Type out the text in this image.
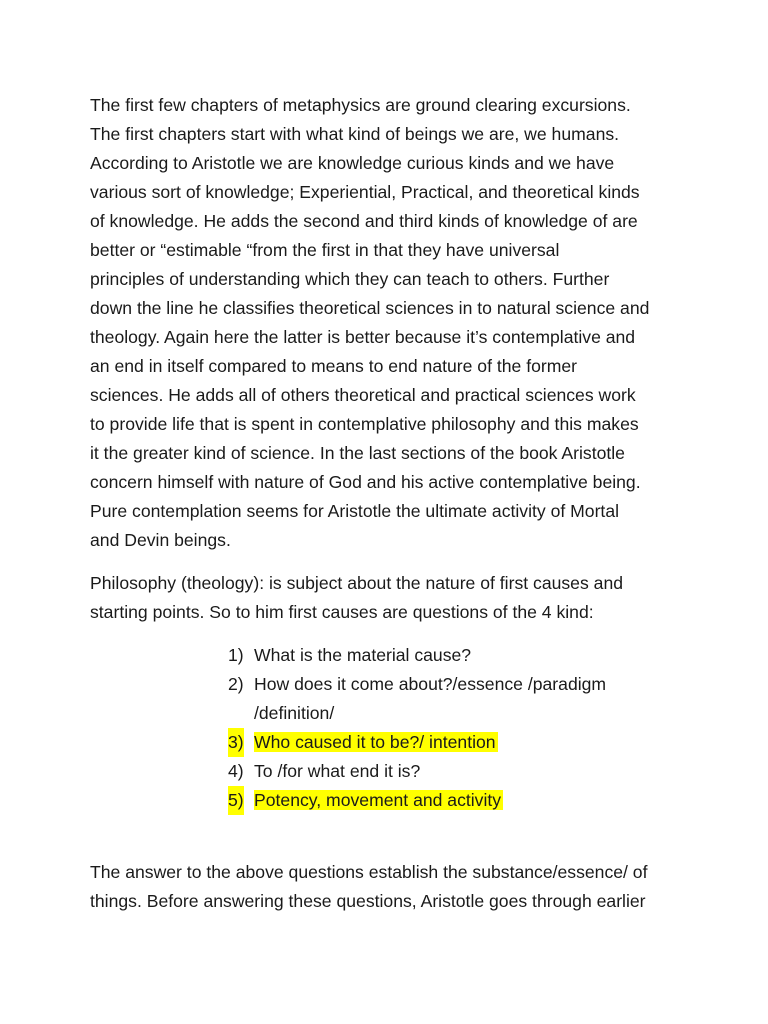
The first few chapters of metaphysics are ground clearing excursions.
The first chapters start with what kind of beings we are, we humans.
According to Aristotle we are knowledge curious kinds and we have
various sort of knowledge; Experiential, Practical, and theoretical kinds
of knowledge. He adds the second and third kinds of knowledge of are
better or “estimable “from the first in that they have universal
principles of understanding which they can teach to others. Further
down the line he classifies theoretical sciences in to natural science and
theology. Again here the latter is better because it’s contemplative and
an end in itself compared to means to end nature of the former
sciences. He adds all of others theoretical and practical sciences work
to provide life that is spent in contemplative philosophy and this makes
it the greater kind of science. In the last sections of the book Aristotle
concern himself with nature of God and his active contemplative being.
Pure contemplation seems for Aristotle the ultimate activity of Mortal
and Devin beings.

Philosophy (theology): is subject about the nature of first causes and
starting points. So to him first causes are questions of the 4 kind:

1) What is the material cause?
2) How does it come about?/essence /paradigm
/definition/
3) Who caused it to be?/ intention
4) To /for what end it is?
5) Potency, movement and activity

The answer to the above questions establish the substance/essence/ of
things. Before answering these questions, Aristotle goes through earlier
